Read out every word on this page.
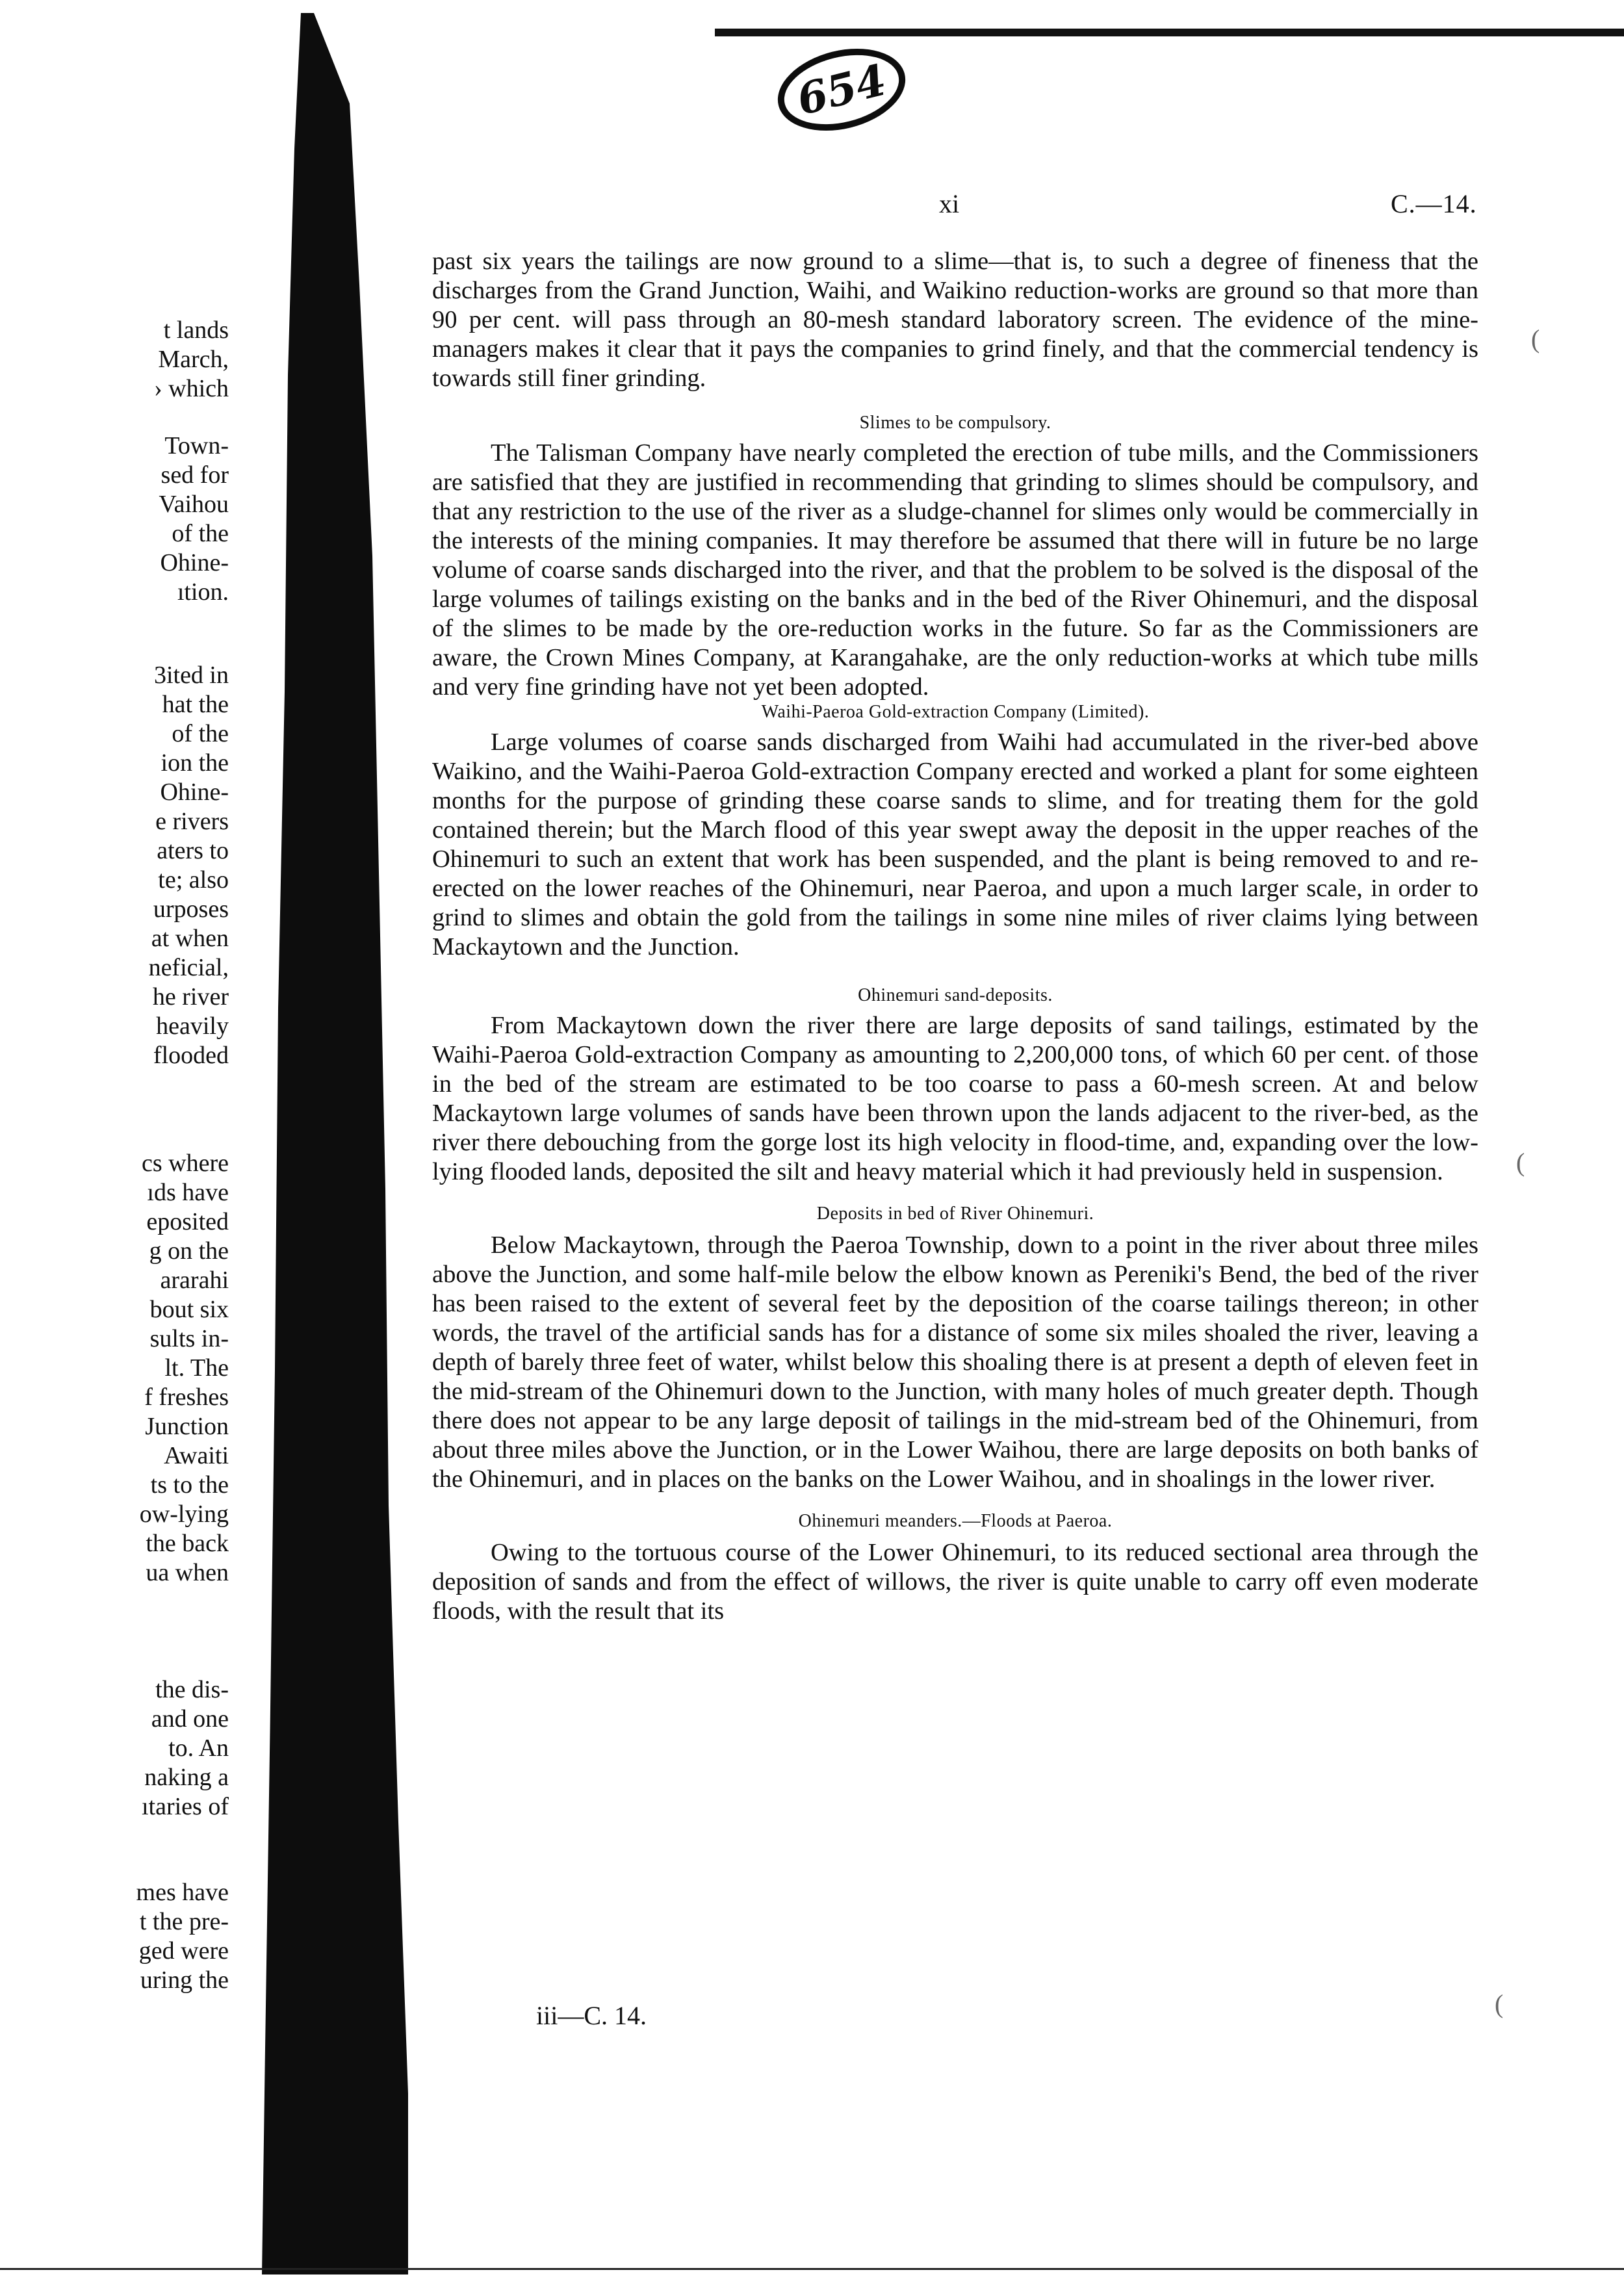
654
xi	C.—14.
t lands
March,
› which
Town-
sed for
Vaihou
of the
Ohine-
ıtion.
3ited in
hat the
of the
ion the
Ohine-
e rivers
aters to
te; also
urposes
at when
neficial,
he river
heavily
flooded
cs where
ıds have
eposited
g on the
ararahi
bout six
sults in-
lt. The
f freshes
Junction
Awaiti
ts to the
ow-lying
the back
ua when
the dis-
and one
to. An
naking a
ıtaries of
mes have
t the pre-
ged were
uring the

past six years the tailings are now ground to a slime—that is, to such a degree of fineness that the discharges from the Grand Junction, Waihi, and Waikino reduction-works are ground so that more than 90 per cent. will pass through an 80-mesh standard laboratory screen. The evidence of the mine-managers makes it clear that it pays the companies to grind finely, and that the commercial tendency is towards still finer grinding.

Slimes to be compulsory.

The Talisman Company have nearly completed the erection of tube mills, and the Commissioners are satisfied that they are justified in recommending that grinding to slimes should be compulsory, and that any restriction to the use of the river as a sludge-channel for slimes only would be commercially in the interests of the mining companies. It may therefore be assumed that there will in future be no large volume of coarse sands discharged into the river, and that the problem to be solved is the disposal of the large volumes of tailings existing on the banks and in the bed of the River Ohinemuri, and the disposal of the slimes to be made by the ore-reduction works in the future. So far as the Commissioners are aware, the Crown Mines Company, at Karangahake, are the only reduction-works at which tube mills and very fine grinding have not yet been adopted.

Waihi-Paeroa Gold-extraction Company (Limited).

Large volumes of coarse sands discharged from Waihi had accumulated in the river-bed above Waikino, and the Waihi-Paeroa Gold-extraction Company erected and worked a plant for some eighteen months for the purpose of grinding these coarse sands to slime, and for treating them for the gold contained therein; but the March flood of this year swept away the deposit in the upper reaches of the Ohinemuri to such an extent that work has been suspended, and the plant is being removed to and re-erected on the lower reaches of the Ohinemuri, near Paeroa, and upon a much larger scale, in order to grind to slimes and obtain the gold from the tailings in some nine miles of river claims lying between Mackaytown and the Junction.

Ohinemuri sand-deposits.

From Mackaytown down the river there are large deposits of sand tailings, estimated by the Waihi-Paeroa Gold-extraction Company as amounting to 2,200,000 tons, of which 60 per cent. of those in the bed of the stream are estimated to be too coarse to pass a 60-mesh screen. At and below Mackaytown large volumes of sands have been thrown upon the lands adjacent to the river-bed, as the river there debouching from the gorge lost its high velocity in flood-time, and, expanding over the low-lying flooded lands, deposited the silt and heavy material which it had previously held in suspension.

Deposits in bed of River Ohinemuri.

Below Mackaytown, through the Paeroa Township, down to a point in the river about three miles above the Junction, and some half-mile below the elbow known as Pereniki's Bend, the bed of the river has been raised to the extent of several feet by the deposition of the coarse tailings thereon; in other words, the travel of the artificial sands has for a distance of some six miles shoaled the river, leaving a depth of barely three feet of water, whilst below this shoaling there is at present a depth of eleven feet in the mid-stream of the Ohinemuri down to the Junction, with many holes of much greater depth. Though there does not appear to be any large deposit of tailings in the mid-stream bed of the Ohinemuri, from about three miles above the Junction, or in the Lower Waihou, there are large deposits on both banks of the Ohinemuri, and in places on the banks on the Lower Waihou, and in shoalings in the lower river.

Ohinemuri meanders.—Floods at Paeroa.

Owing to the tortuous course of the Lower Ohinemuri, to its reduced sectional area through the deposition of sands and from the effect of willows, the river is quite unable to carry off even moderate floods, with the result that its

iii—C. 14.
(
(
(
